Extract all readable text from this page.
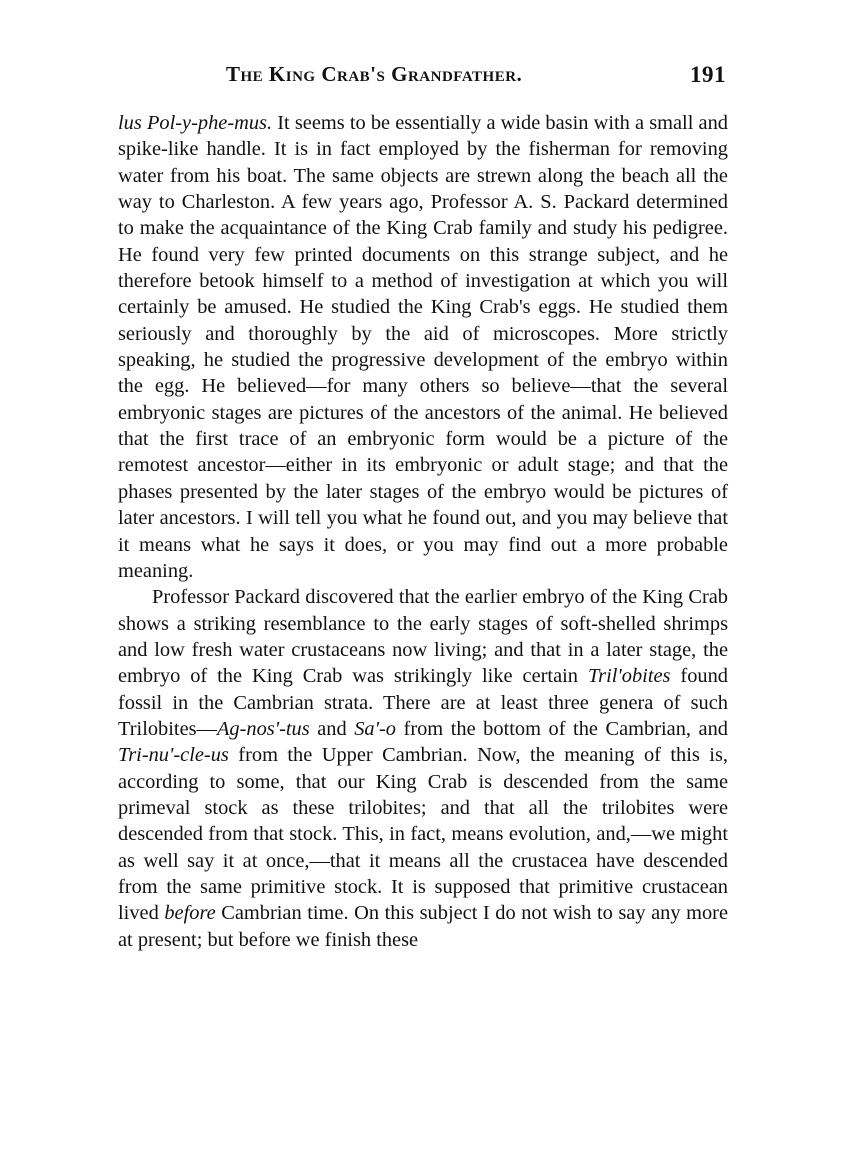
The King Crab's Grandfather.	191

lus Pol-y-phe-mus. It seems to be essentially a wide basin with a small and spike-like handle. It is in fact employed by the fisherman for removing water from his boat. The same objects are strewn along the beach all the way to Charleston. A few years ago, Professor A. S. Packard determined to make the acquaintance of the King Crab family and study his pedigree. He found very few printed documents on this strange subject, and he therefore betook himself to a method of investigation at which you will certainly be amused. He studied the King Crab's eggs. He studied them seriously and thoroughly by the aid of microscopes. More strictly speaking, he studied the progressive development of the embryo within the egg. He believed—for many others so believe—that the several embryonic stages are pictures of the ancestors of the animal. He believed that the first trace of an embryonic form would be a picture of the remotest ancestor—either in its embryonic or adult stage; and that the phases presented by the later stages of the embryo would be pictures of later ancestors. I will tell you what he found out, and you may believe that it means what he says it does, or you may find out a more probable meaning.

Professor Packard discovered that the earlier embryo of the King Crab shows a striking resemblance to the early stages of soft-shelled shrimps and low fresh water crustaceans now living; and that in a later stage, the embryo of the King Crab was strikingly like certain Tril'obites found fossil in the Cambrian strata. There are at least three genera of such Trilobites—Ag-nos'-tus and Sa'-o from the bottom of the Cambrian, and Tri-nu'-cle-us from the Upper Cambrian. Now, the meaning of this is, according to some, that our King Crab is descended from the same primeval stock as these trilobites; and that all the trilobites were descended from that stock. This, in fact, means evolution, and,—we might as well say it at once,—that it means all the crustacea have descended from the same primitive stock. It is supposed that primitive crustacean lived before Cambrian time. On this subject I do not wish to say any more at present; but before we finish these
